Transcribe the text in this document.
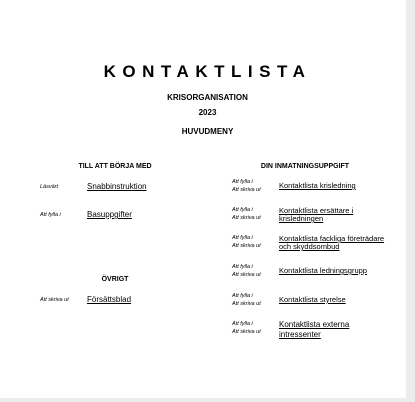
KONTAKTLISTA
KRISORGANISATION
2023
HUVUDMENY
TILL ATT BÖRJA MED
Läsvärt	Snabbinstruktion
Att fylla i	Basuppgifter
ÖVRIGT
Att skriva ut Försättsblad
DIN INMATNINGSUPPGIFT
Att fylla i
Att skriva ut Kontaktlista krisledning
Att fylla i
Att skriva ut
Kontaktlista ersättare i krisledningen
Att fylla i
Att skriva ut
Kontaktlista fackliga företrädare och skyddsombud
Att fylla i
Att skriva ut Kontaktlista ledningsgrupp
Att fylla i
Att skriva ut Kontaktlista styrelse
Att fylla i
Att skriva ut
Kontaktlista externa intressenter
